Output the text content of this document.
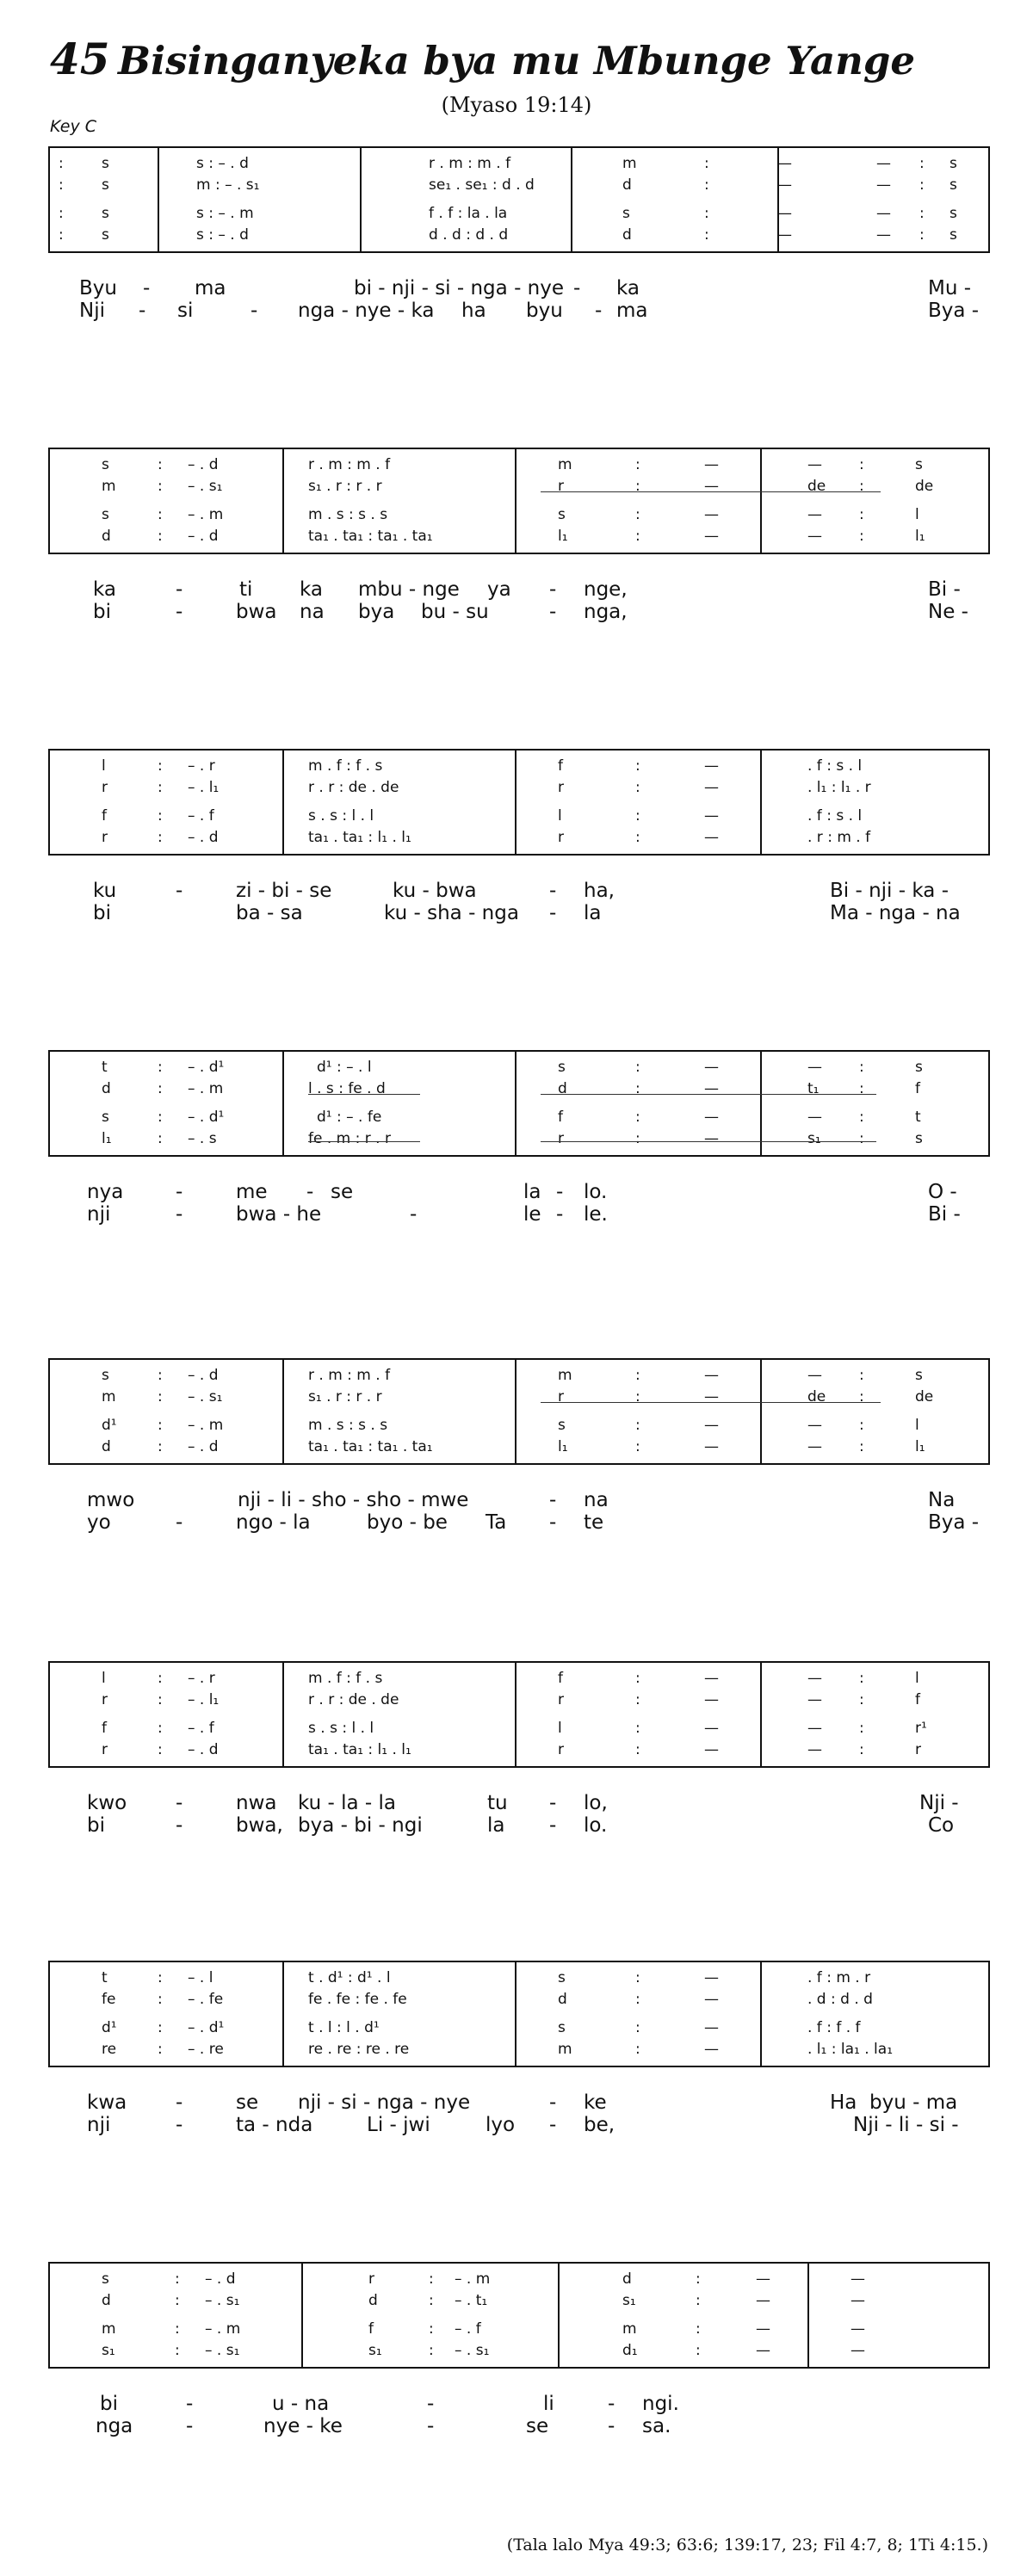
45 Bisinganyeka bya mu Mbunge Yange
(Myaso 19:14)
Key C
:	s	s : – . d	r . m : m . f	m	:	—	— : s
:	s	m : – . s₁	se₁ . se₁ : d . d	d	:	—	— : s
:	s	s : – . m	f . f : la . la	s	:	—	— : s
:	s	s : – . d	d . d : d . d	d	:	—	— : s
Byu - ma	bi - nji - si - nga - nye - ka	Mu -
Nji - si	- nga - nye - ka ha byu - ma	Bya -
s	: – . d	r . m : m . f	m	:	—	—	:	s
m	: – . s₁	s₁ . r : r . r	r	:	—	de :	de
s	: – . m	m . s : s . s	s	:	—	—	:	l
d	: – . d	ta₁ . ta₁ : ta₁ . ta₁	l₁	:	—	—	:	l₁
ka	-	ti ka mbu - nge ya - nge,	Bi -
bi	-	bwa na bya bu - su	- nga,	Ne -
l	: – . r	m . f : f . s	f	:	—	. f : s . l
r	: – . l₁	r . r : de . de	r	:	—	. l₁ : l₁ . r
f	: – . f	s . s : l . l	l	:	—	. f : s . l
r	: – . d	ta₁ . ta₁ : l₁ . l₁	r	:	—	. r : m . f
ku	-	zi - bi - se	ku - bwa	- ha,	Bi - nji - ka -
bi	ba - sa	ku - sha - nga - la	Ma - nga - na
t	: – . d¹	d¹ : – . l	s	:	—	—	:	s
d	: – . m	l . s : fe . d	d	:	—	t₁	:	f
s	: – . d¹	d¹ : – . fe	f	:	—	—	:	t
l₁	: – . s	fe . m : r . r	r	:	—	s₁	:	s
nya	-	me - se	la - lo.	O -
nji	-	bwa - he	-	le - le.	Bi -
s	: – . d	r . m : m . f	m	:	—	—	:	s
m	: – . s₁	s₁ . r : r . r	r	:	—	de :	de
d¹	: – . m	m . s : s . s	s	:	—	—	:	l
d	: – . d	ta₁ . ta₁ : ta₁ . ta₁	l₁	:	—	—	:	l₁
mwo	nji - li - sho - sho - mwe	- na	Na
yo	-	ngo - la	byo - be Ta - te	Bya -
l	: – . r	m . f : f . s	f	:	—	—	:	l
r	: – . l₁	r . r : de . de	r	:	—	—	:	f
f	: – . f	s . s : l . l	l	:	—	—	:	r¹
r	: – . d	ta₁ . ta₁ : l₁ . l₁	r	:	—	—	:	r
kwo -	nwa ku - la - la	tu - lo,	Nji -
bi	-	bwa, bya - bi - ngi	la - lo.	Co
t	: – . l	t . d¹ : d¹ . l	s	:	—	. f : m . r
fe	: – . fe	fe . fe : fe . fe	d	:	—	. d : d . d
d¹	: – . d¹	t . l : l . d¹	s	:	—	. f : f . f
re	: – . re	re . re : re . re	m	:	—	. l₁ : la₁ . la₁
kwa -	se nji - si - nga - nye	- ke	Ha  byu - ma
nji	-	ta - nda	Li - jwi	lyo - be,	Nji - li - si -
s	: – . d	r	: – . m	d	:	—	—
d	: – . s₁	d	: – . t₁	s₁	:	—	—
m	: – . m	f	: – . f	m	:	—	—
s₁	: – . s₁	s₁	: – . s₁	d₁	:	—	—
bi	-	u - na	-	li	- ngi.
nga	-	nye - ke	-	se	- sa.
(Tala lalo Mya 49:3; 63:6; 139:17, 23; Fil 4:7, 8; 1Ti 4:15.)
